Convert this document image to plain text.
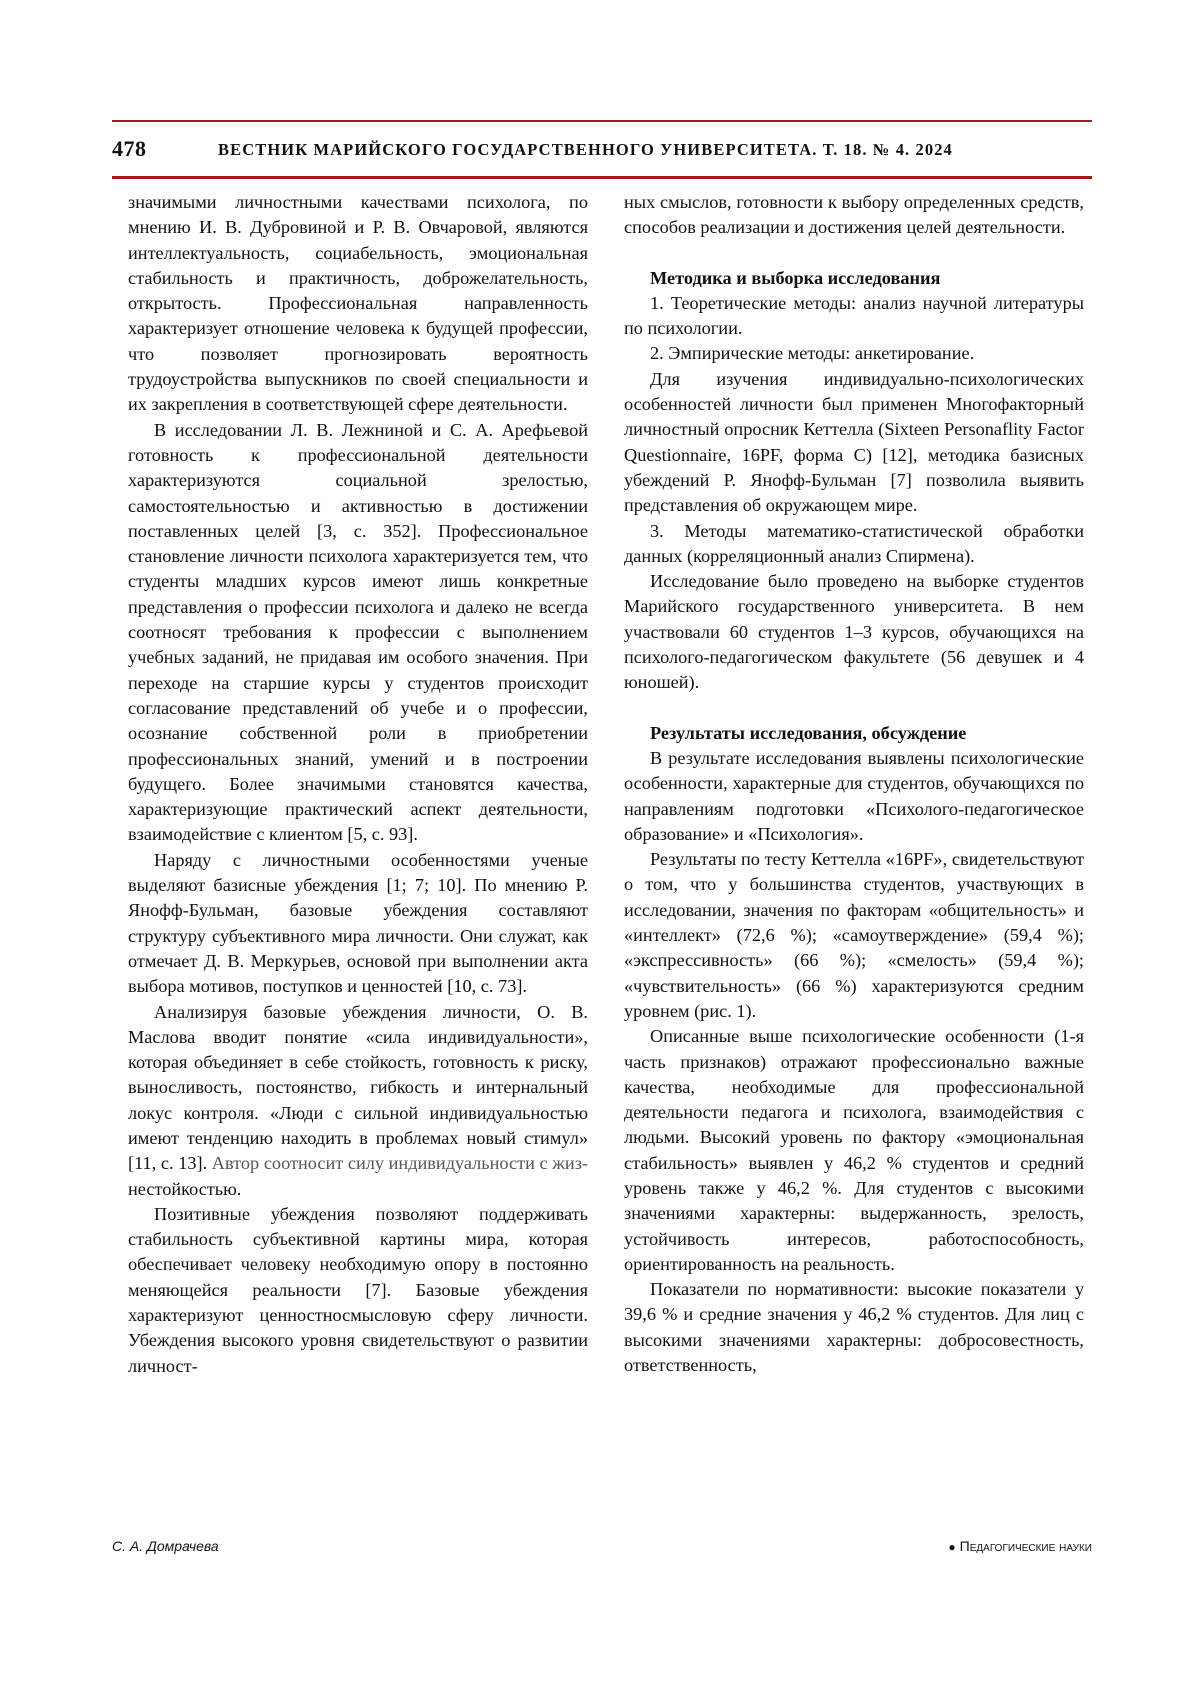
478	ВЕСТНИК МАРИЙСКОГО ГОСУДАРСТВЕННОГО УНИВЕРСИТЕТА. Т. 18. № 4. 2024

значимыми личностными качествами психолога, по мнению И. В. Дубровиной и Р. В. Овчаровой, являются интеллектуальность, социабельность, эмоциональная стабильность и практичность, доброжелательность, открытость. Профессиональная направленность характеризует отношение человека к будущей профессии, что позволяет прогнозировать вероятность трудоустройства выпускников по своей специальности и их закрепления в соответствующей сфере деятельности.

В исследовании Л. В. Лежниной и С. А. Арефьевой готовность к профессиональной деятельности характеризуются социальной зрелостью, самостоятельностью и активностью в достижении поставленных целей [3, с. 352]. Профессиональное становление личности психолога характеризуется тем, что студенты младших курсов имеют лишь конкретные представления о профессии психолога и далеко не всегда соотносят требования к профессии с выполнением учебных заданий, не придавая им особого значения. При переходе на старшие курсы у студентов происходит согласование представлений об учебе и о профессии, осознание собственной роли в приобретении профессиональных знаний, умений и в построении будущего. Более значимыми становятся качества, характеризующие практический аспект деятельности, взаимодействие с клиентом [5, с. 93].

Наряду с личностными особенностями ученые выделяют базисные убеждения [1; 7; 10]. По мнению Р. Янофф-Бульман, базовые убеждения составляют структуру субъективного мира личности. Они служат, как отмечает Д. В. Меркурьев, основой при выполнении акта выбора мотивов, поступков и ценностей [10, с. 73].

Анализируя базовые убеждения личности, О. В. Маслова вводит понятие «сила индивидуальности», которая объединяет в себе стойкость, готовность к риску, выносливость, постоянство, гибкость и интернальный локус контроля. «Люди с сильной индивидуальностью имеют тенденцию находить в проблемах новый стимул» [11, с. 13]. Автор соотносит силу индивидуальности с жиз- нестойкостью.

Позитивные убеждения позволяют поддерживать стабильность субъективной картины мира, которая обеспечивает человеку необходимую опору в постоянно меняющейся реальности [7]. Базовые убеждения характеризуют ценностносмысловую сферу личности. Убеждения высокого уровня свидетельствуют о развитии личност-

ных смыслов, готовности к выбору определенных средств, способов реализации и достижения целей деятельности.

Методика и выборка исследования

1. Теоретические методы: анализ научной литературы по психологии.

2. Эмпирические методы: анкетирование.

Для изучения индивидуально-психологических особенностей личности был применен Многофакторный личностный опросник Кеттелла (Sixteen Personaflity Factor Questionnaire, 16PF, форма C) [12], методика базисных убеждений Р. Янофф-Бульман [7] позволила выявить представления об окружающем мире.

3. Методы математико-статистической обработки данных (корреляционный анализ Спирмена).

Исследование было проведено на выборке студентов Марийского государственного университета. В нем участвовали 60 студентов 1–3 курсов, обучающихся на психолого-педагогическом факультете (56 девушек и 4 юношей).

Результаты исследования, обсуждение

В результате исследования выявлены психологические особенности, характерные для студентов, обучающихся по направлениям подготовки «Психолого-педагогическое образование» и «Психология».

Результаты по тесту Кеттелла «16PF», свидетельствуют о том, что у большинства студентов, участвующих в исследовании, значения по факторам «общительность» и «интеллект» (72,6 %); «самоутверждение» (59,4 %); «экспрессивность» (66 %); «смелость» (59,4 %); «чувствительность» (66 %) характеризуются средним уровнем (рис. 1).

Описанные выше психологические особенности (1-я часть признаков) отражают профессионально важные качества, необходимые для профессиональной деятельности педагога и психолога, взаимодействия с людьми. Высокий уровень по фактору «эмоциональная стабильность» выявлен у 46,2 % студентов и средний уровень также у 46,2 %. Для студентов с высокими значениями характерны: выдержанность, зрелость, устойчивость интересов, работоспособность, ориентированность на реальность.

Показатели по нормативности: высокие показатели у 39,6 % и средние значения у 46,2 % студентов. Для лиц с высокими значениями характерны: добросовестность, ответственность,

С. А. Домрачева	● Педагогические науки
